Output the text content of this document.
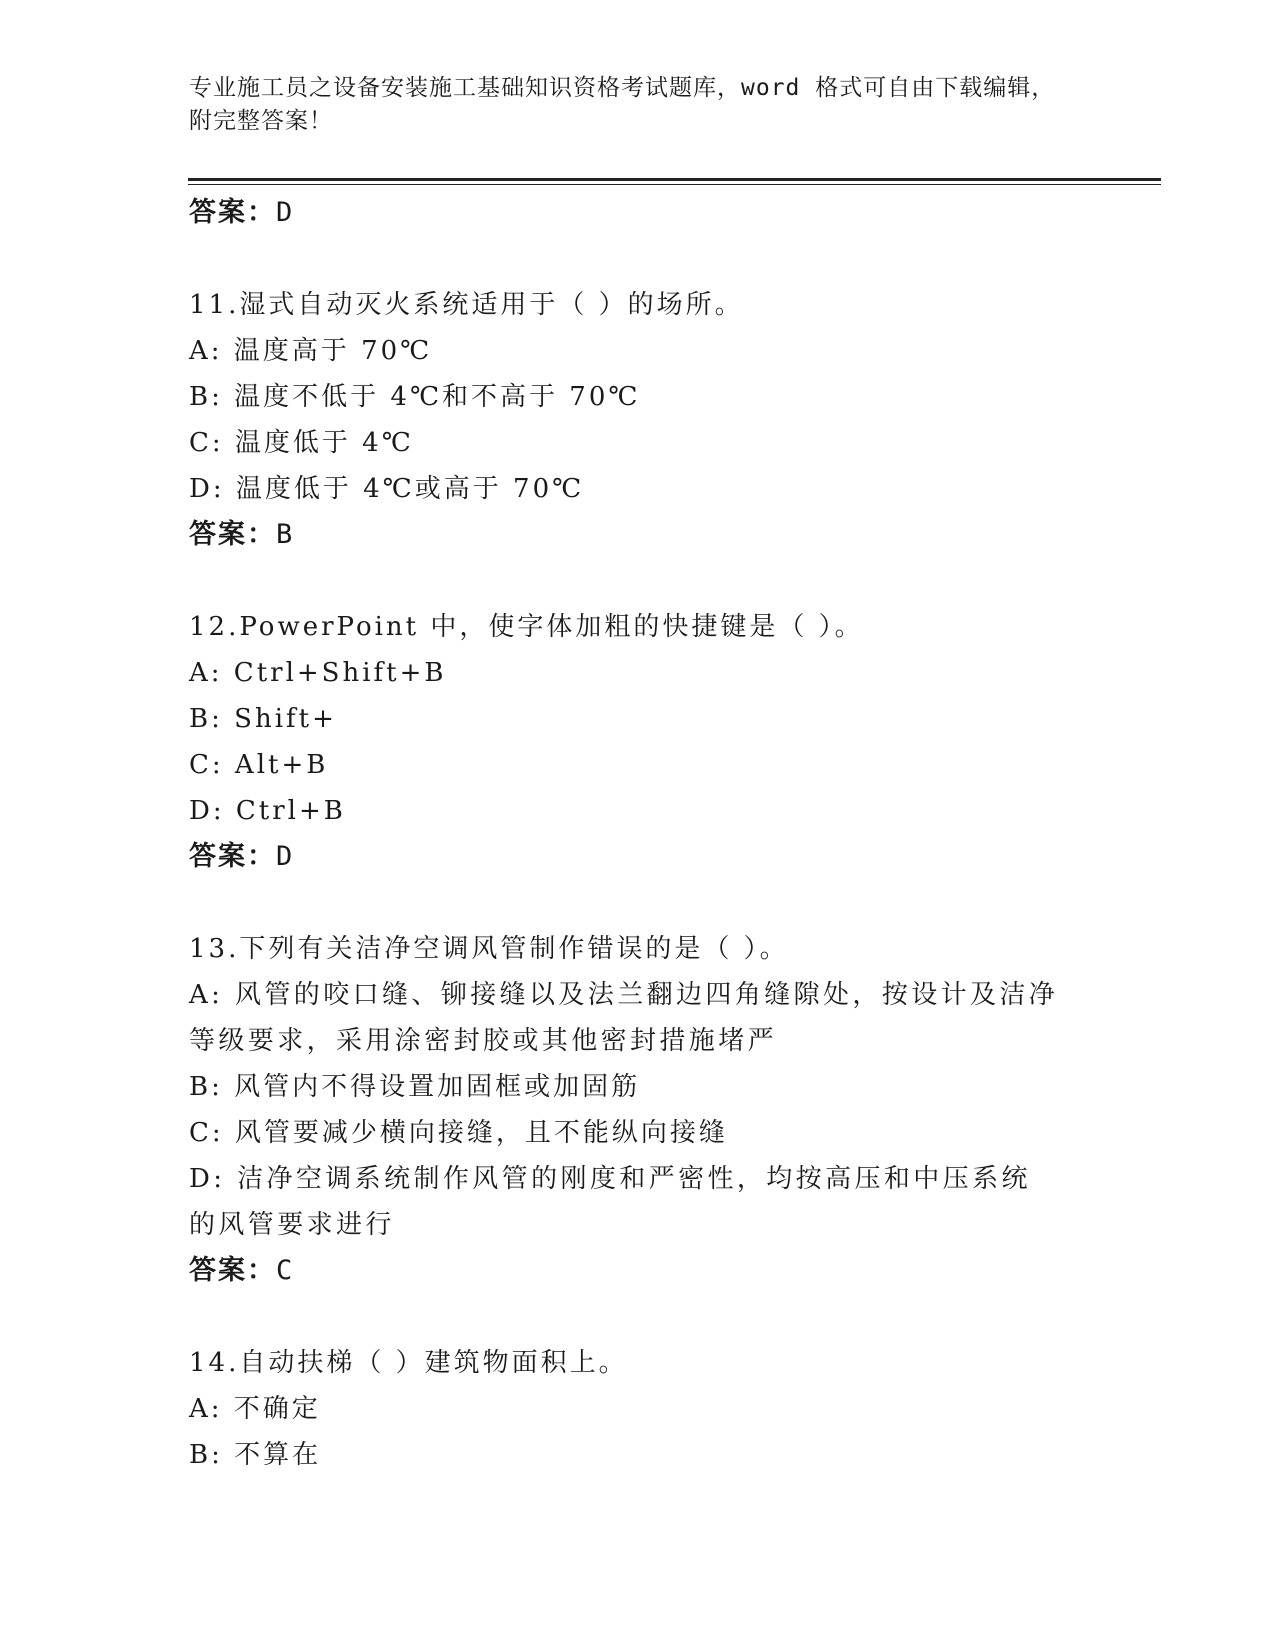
专业施工员之设备安装施工基础知识资格考试题库，word 格式可自由下载编辑，
附完整答案！
答案：D
11.湿式自动灭火系统适用于（ ）的场所。
A: 温度高于 70℃
B: 温度不低于 4℃和不高于 70℃
C: 温度低于 4℃
D: 温度低于 4℃或高于 70℃
答案：B
12.PowerPoint 中，使字体加粗的快捷键是（ ）。
A: Ctrl+Shift+B
B: Shift+
C: Alt+B
D: Ctrl+B
答案：D
13.下列有关洁净空调风管制作错误的是（ ）。
A: 风管的咬口缝、铆接缝以及法兰翻边四角缝隙处，按设计及洁净等级要求，采用涂密封胶或其他密封措施堵严
B: 风管内不得设置加固框或加固筋
C: 风管要减少横向接缝，且不能纵向接缝
D: 洁净空调系统制作风管的刚度和严密性，均按高压和中压系统的风管要求进行
答案：C
14.自动扶梯（ ）建筑物面积上。
A: 不确定
B: 不算在
